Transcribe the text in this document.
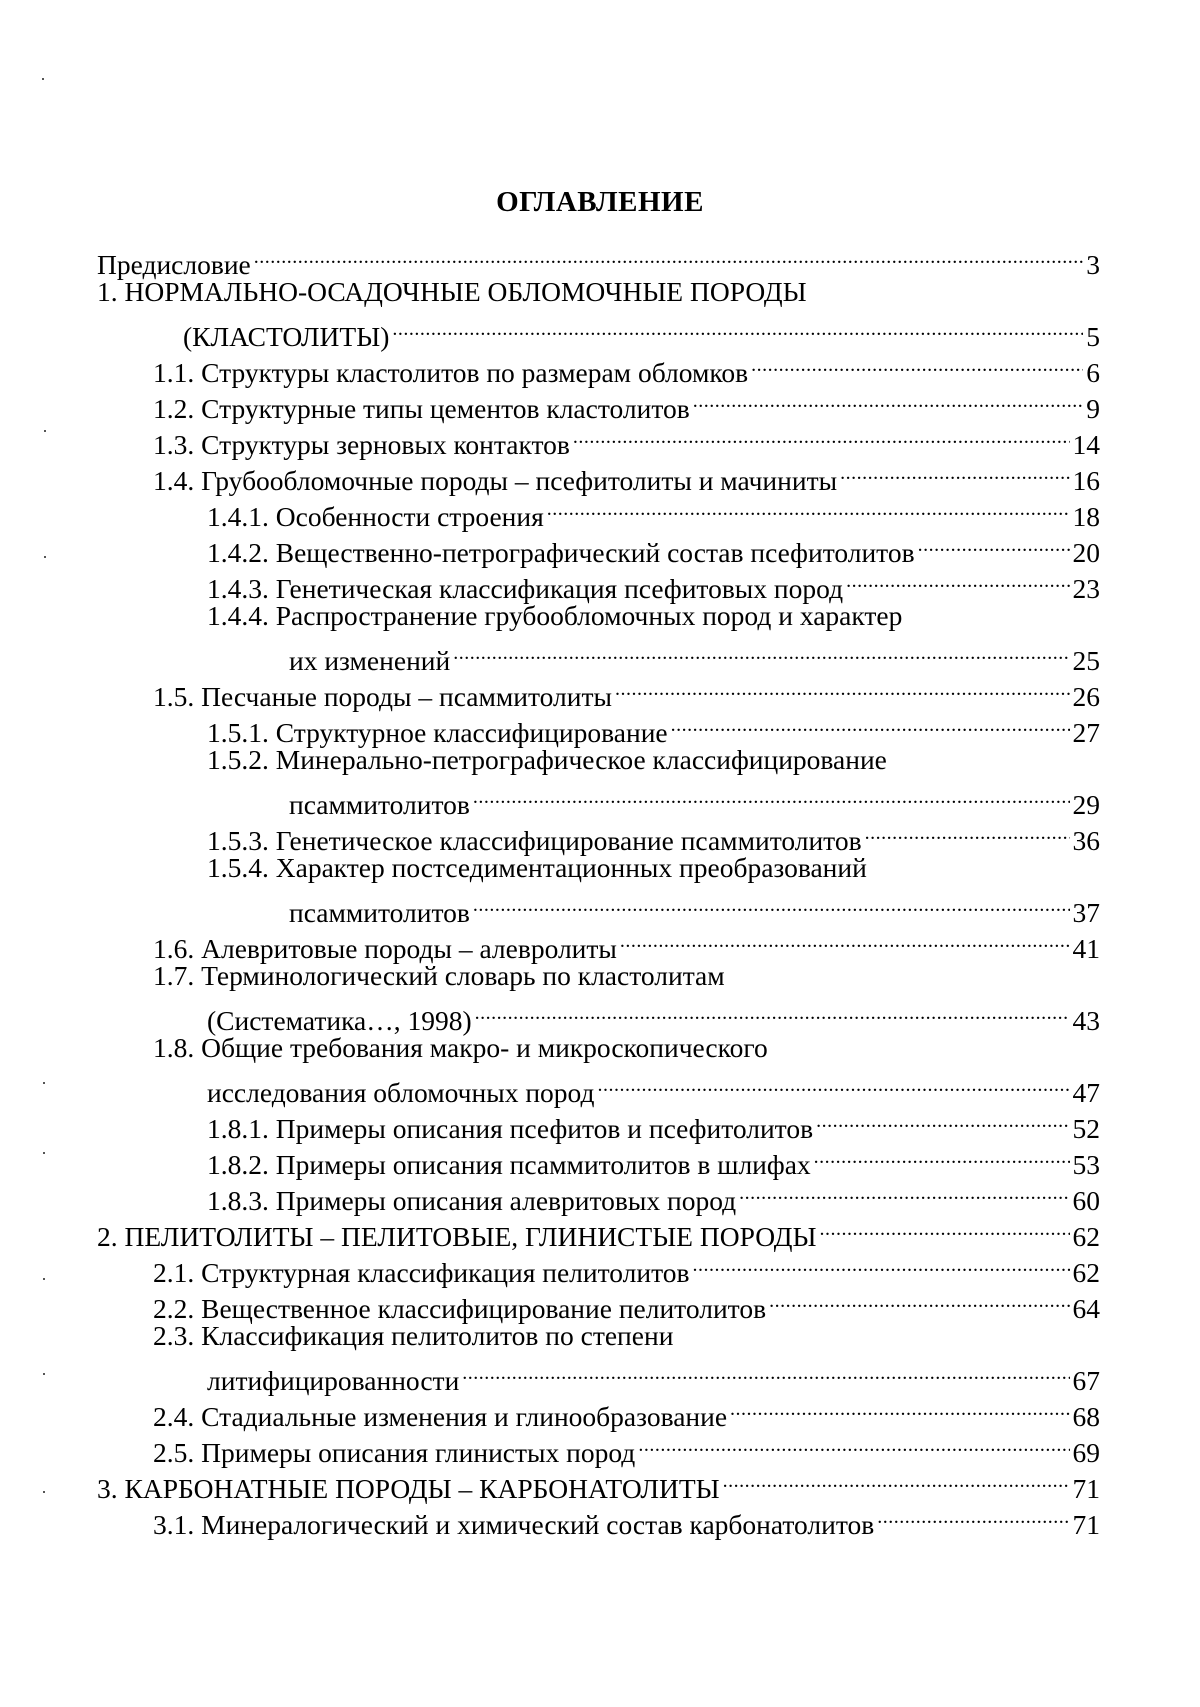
ОГЛАВЛЕНИЕ
Предисловие
.....	3
1. НОРМАЛЬНО-ОСАДОЧНЫЕ ОБЛОМОЧНЫЕ ПОРОДЫ
(КЛАСТОЛИТЫ)
.....	5
1.1. Структуры кластолитов по размерам обломков
.....	6
1.2. Структурные типы цементов кластолитов
.....	9
1.3. Структуры зерновых контактов
.....	14
1.4. Грубообломочные породы – псефитолиты и мачиниты
.....	16
1.4.1. Особенности строения
.....	18
1.4.2. Вещественно-петрографический состав псефитолитов
.....	20
1.4.3. Генетическая классификация псефитовых пород
.....	23
1.4.4. Распространение грубообломочных пород и характер
их изменений
.....	25
1.5. Песчаные породы – псаммитолиты
.....	26
1.5.1. Структурное классифицирование
.....	27
1.5.2. Минерально-петрографическое классифицирование
псаммитолитов
.....	29
1.5.3. Генетическое классифицирование псаммитолитов
.....	36
1.5.4. Характер постседиментационных преобразований
псаммитолитов
.....	37
1.6. Алевритовые породы – алевролиты
.....	41
1.7. Терминологический словарь по кластолитам
(Систематика…, 1998)
.....	43
1.8. Общие требования макро- и микроскопического
исследования обломочных пород
.....	47
1.8.1. Примеры описания псефитов и псефитолитов
.....	52
1.8.2. Примеры описания псаммитолитов в шлифах
.....	53
1.8.3. Примеры описания алевритовых пород
.....	60
2. ПЕЛИТОЛИТЫ – ПЕЛИТОВЫЕ, ГЛИНИСТЫЕ ПОРОДЫ
.....	62
2.1. Структурная классификация пелитолитов
.....	62
2.2. Вещественное классифицирование пелитолитов
.....	64
2.3. Классификация пелитолитов по степени
литифицированности
.....	67
2.4. Стадиальные изменения и глинообразование
.....	68
2.5. Примеры описания глинистых пород
.....	69
3. КАРБОНАТНЫЕ ПОРОДЫ – КАРБОНАТОЛИТЫ
.....	71
3.1. Минералогический и химический состав карбонатолитов
.....	71
